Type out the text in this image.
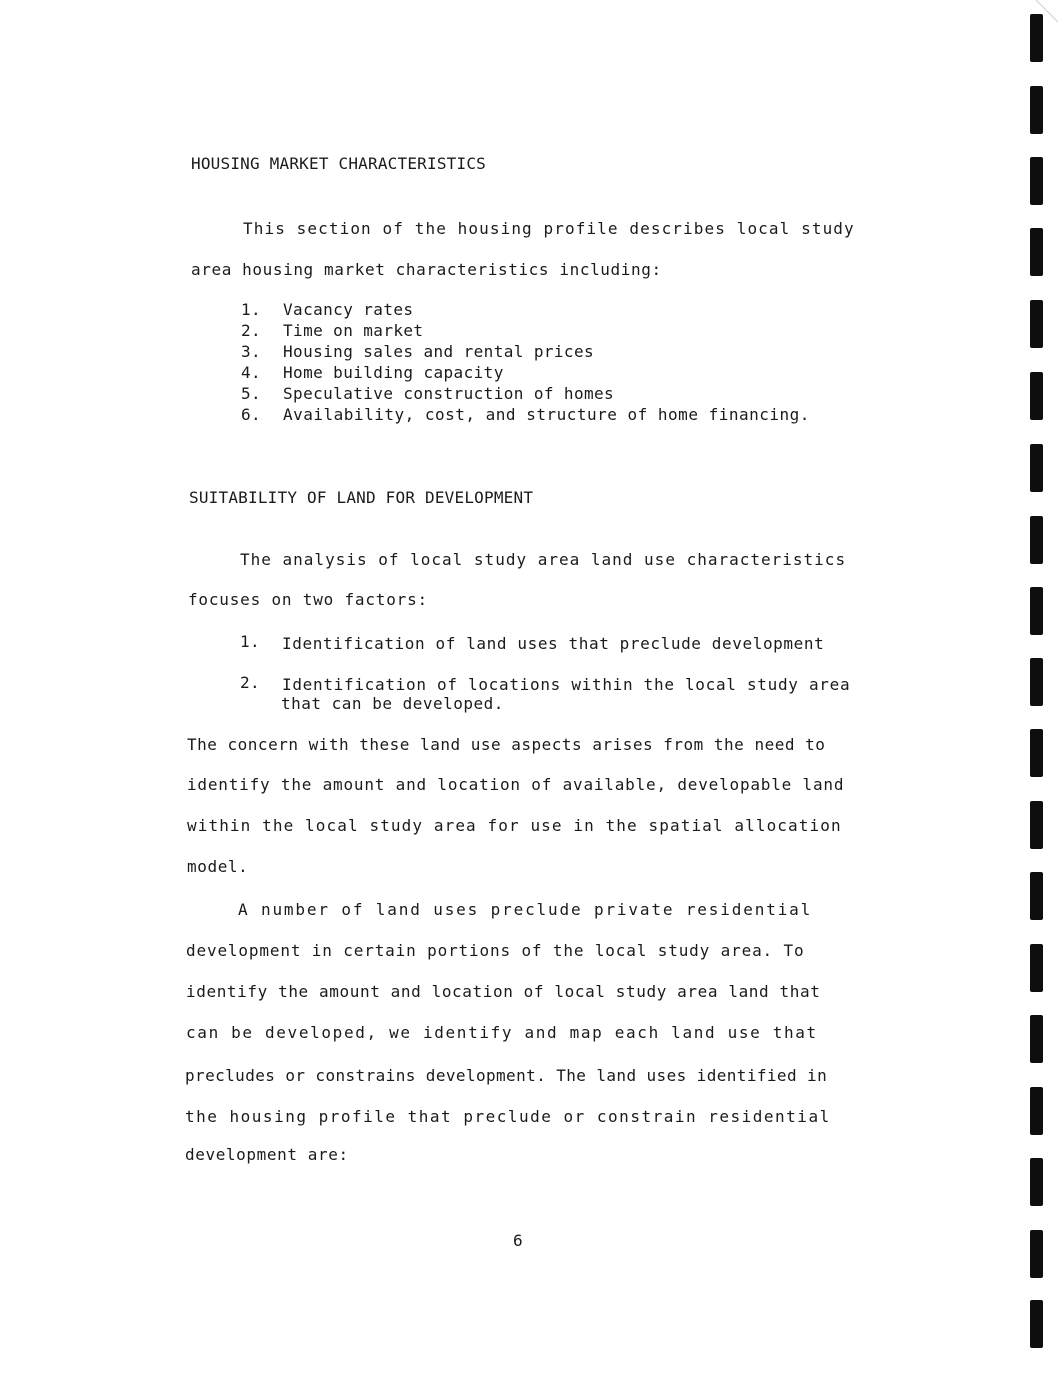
HOUSING MARKET CHARACTERISTICS

This section of the housing profile describes local study

area housing market characteristics including:

1.	Vacancy rates

2.	Time on market

3.	Housing sales and rental prices

4.	Home building capacity

5.	Speculative construction of homes

6.	Availability, cost, and structure of home financing.

SUITABILITY OF LAND FOR DEVELOPMENT

The analysis of local study area land use characteristics

focuses on two factors:

1.	Identification of land uses that preclude development

2.	Identification of locations within the local study area

that can be developed.

The concern with these land use aspects arises from the need to

identify the amount and location of available, developable land

within the local study area for use in the spatial allocation

model.

A number of land uses preclude private residential

development in certain portions of the local study area. To

identify the amount and location of local study area land that

can be developed, we identify and map each land use that

precludes or constrains development. The land uses identified in

the housing profile that preclude or constrain residential

development are:

6
